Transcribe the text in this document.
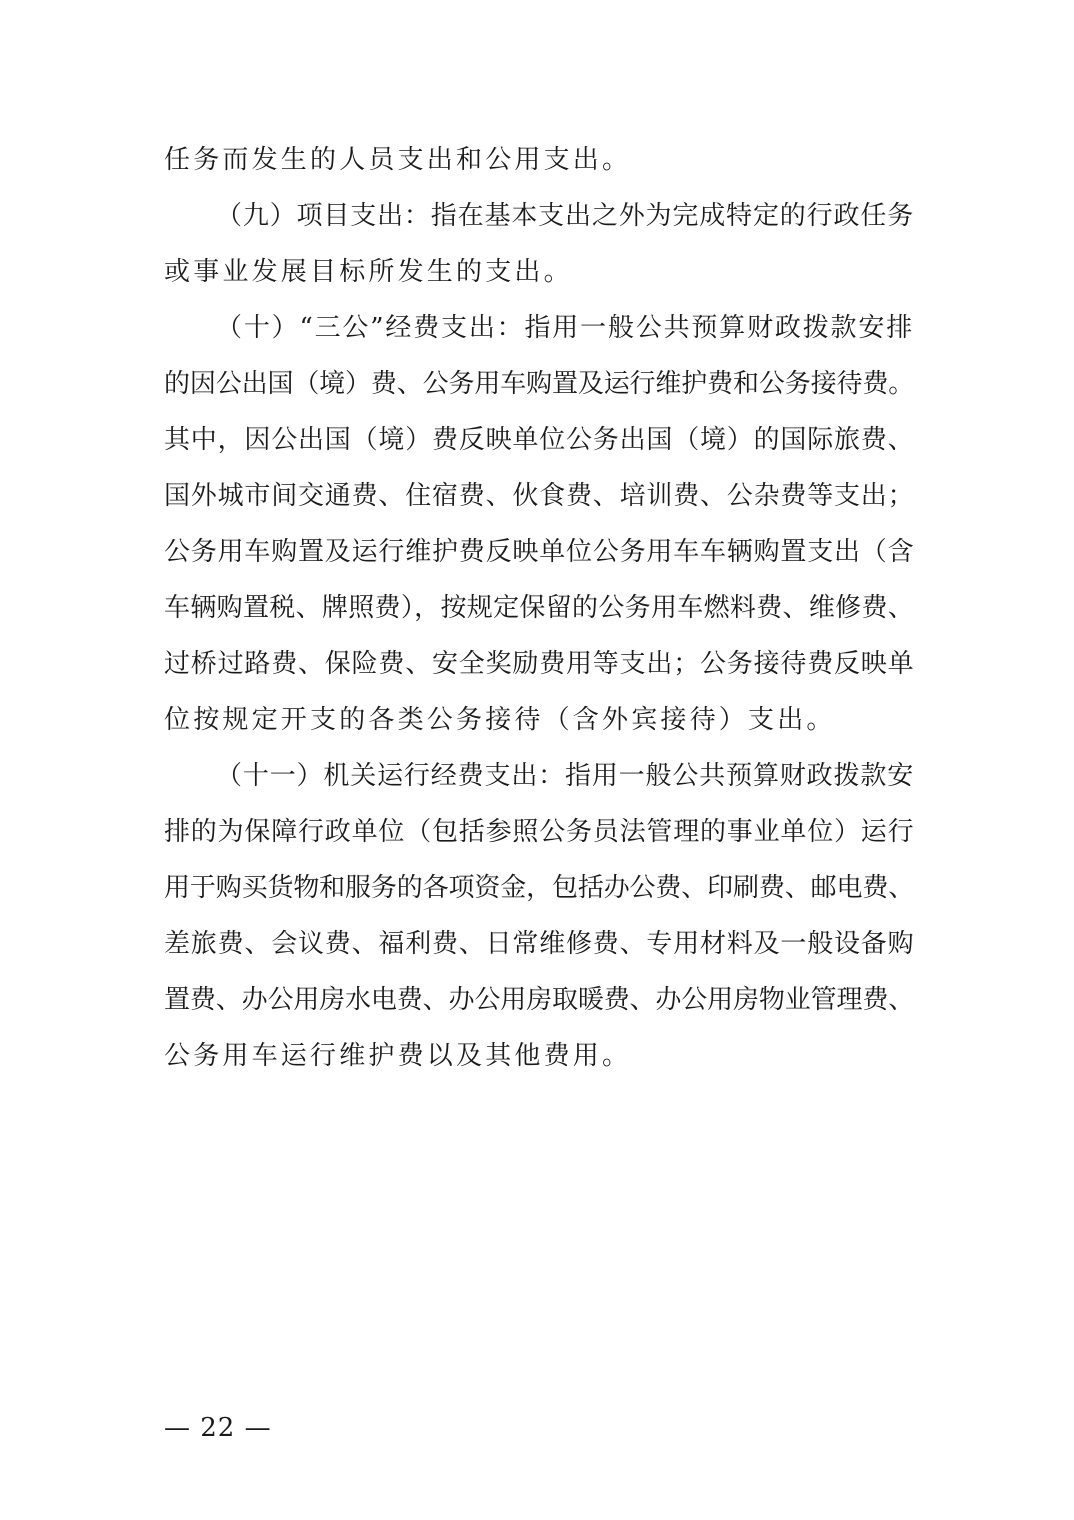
任务而发生的人员支出和公用支出。
（九）项目支出：指在基本支出之外为完成特定的行政任务
或事业发展目标所发生的支出。
（十）“三公”经费支出：指用一般公共预算财政拨款安排
的因公出国（境）费、公务用车购置及运行维护费和公务接待费。
其中，因公出国（境）费反映单位公务出国（境）的国际旅费、
国外城市间交通费、住宿费、伙食费、培训费、公杂费等支出；
公务用车购置及运行维护费反映单位公务用车车辆购置支出（含
车辆购置税、牌照费），按规定保留的公务用车燃料费、维修费、
过桥过路费、保险费、安全奖励费用等支出；公务接待费反映单
位按规定开支的各类公务接待（含外宾接待）支出。
（十一）机关运行经费支出：指用一般公共预算财政拨款安
排的为保障行政单位（包括参照公务员法管理的事业单位）运行
用于购买货物和服务的各项资金，包括办公费、印刷费、邮电费、
差旅费、会议费、福利费、日常维修费、专用材料及一般设备购
置费、办公用房水电费、办公用房取暖费、办公用房物业管理费、
公务用车运行维护费以及其他费用。
— 22 —
